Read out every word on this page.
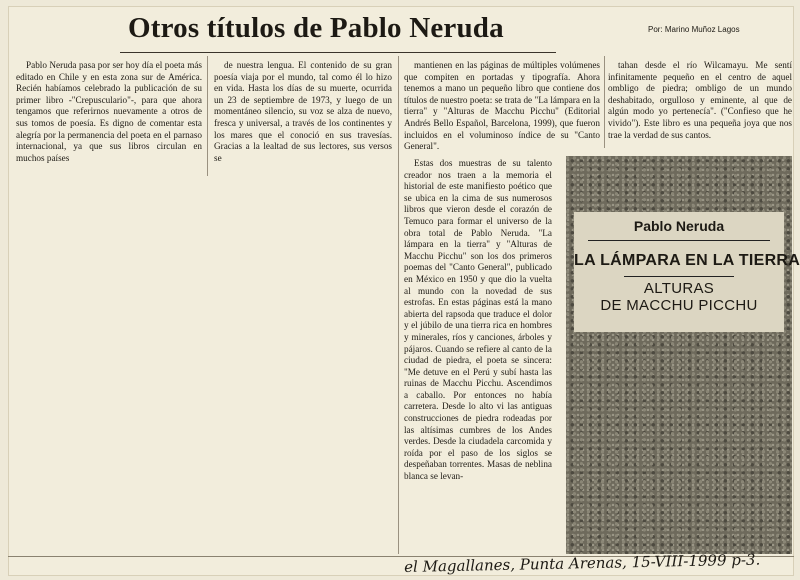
Otros títulos de Pablo Neruda	Por: Marino Muñoz Lagos

Pablo Neruda pasa por ser hoy día el poeta más editado en Chile y en esta zona sur de América. Recién habíamos celebrado la publicación de su primer libro -"Crepusculario"-, para que ahora tengamos que referirnos nuevamente a otros de sus tomos de poesía. Es digno de comentar esta alegría por la permanencia del poeta en el parnaso internacional, ya que sus libros circulan en muchos países

de nuestra lengua. El contenido de su gran poesía viaja por el mundo, tal como él lo hizo en vida. Hasta los días de su muerte, ocurrida un 23 de septiembre de 1973, y luego de un momentáneo silencio, su voz se alza de nuevo, fresca y universal, a través de los continentes y los mares que el conoció en sus travesías. Gracias a la lealtad de sus lectores, sus versos se

mantienen en las páginas de múltiples volúmenes que compiten en portadas y tipografía. Ahora tenemos a mano un pequeño libro que contiene dos títulos de nuestro poeta: se trata de "La lámpara en la tierra" y "Alturas de Macchu Picchu" (Editorial Andrés Bello Español, Barcelona, 1999), que fueron incluidos en el voluminoso índice de su "Canto General".

tahan desde el río Wilcamayu. Me sentí infinitamente pequeño en el centro de aquel ombligo de piedra; ombligo de un mundo deshabitado, orgulloso y eminente, al que de algún modo yo pertenecía". ("Confieso que he vivido"). Este libro es una pequeña joya que nos trae la verdad de sus cantos.

Estas dos muestras de su talento creador nos traen a la memoria el historial de este manifiesto poético que se ubica en la cima de sus numerosos libros que vieron desde el corazón de Temuco para formar el universo de la obra total de Pablo Neruda. "La lámpara en la tierra" y "Alturas de Macchu Picchu" son los dos primeros poemas del "Canto General", publicado en México en 1950 y que dio la vuelta al mundo con la novedad de sus estrofas. En estas páginas está la mano abierta del rapsoda que traduce el dolor y el júbilo de una tierra rica en hombres y minerales, ríos y canciones, árboles y pájaros. Cuando se refiere al canto de la ciudad de piedra, el poeta se sincera: "Me detuve en el Perú y subí hasta las ruinas de Macchu Picchu. Ascendimos a caballo. Por entonces no había carretera. Desde lo alto vi las antiguas construcciones de piedra rodeadas por las altísimas cumbres de los Andes verdes. Desde la ciudadela carcomida y roída por el paso de los siglos se despeñaban torrentes. Masas de neblina blanca se levan-

Pablo Neruda
LA LÁMPARA EN LA TIERRA
ALTURAS
DE MACCHU PICCHU
el Magallanes, Punta Arenas, 15-VIII-1999 p-3.
